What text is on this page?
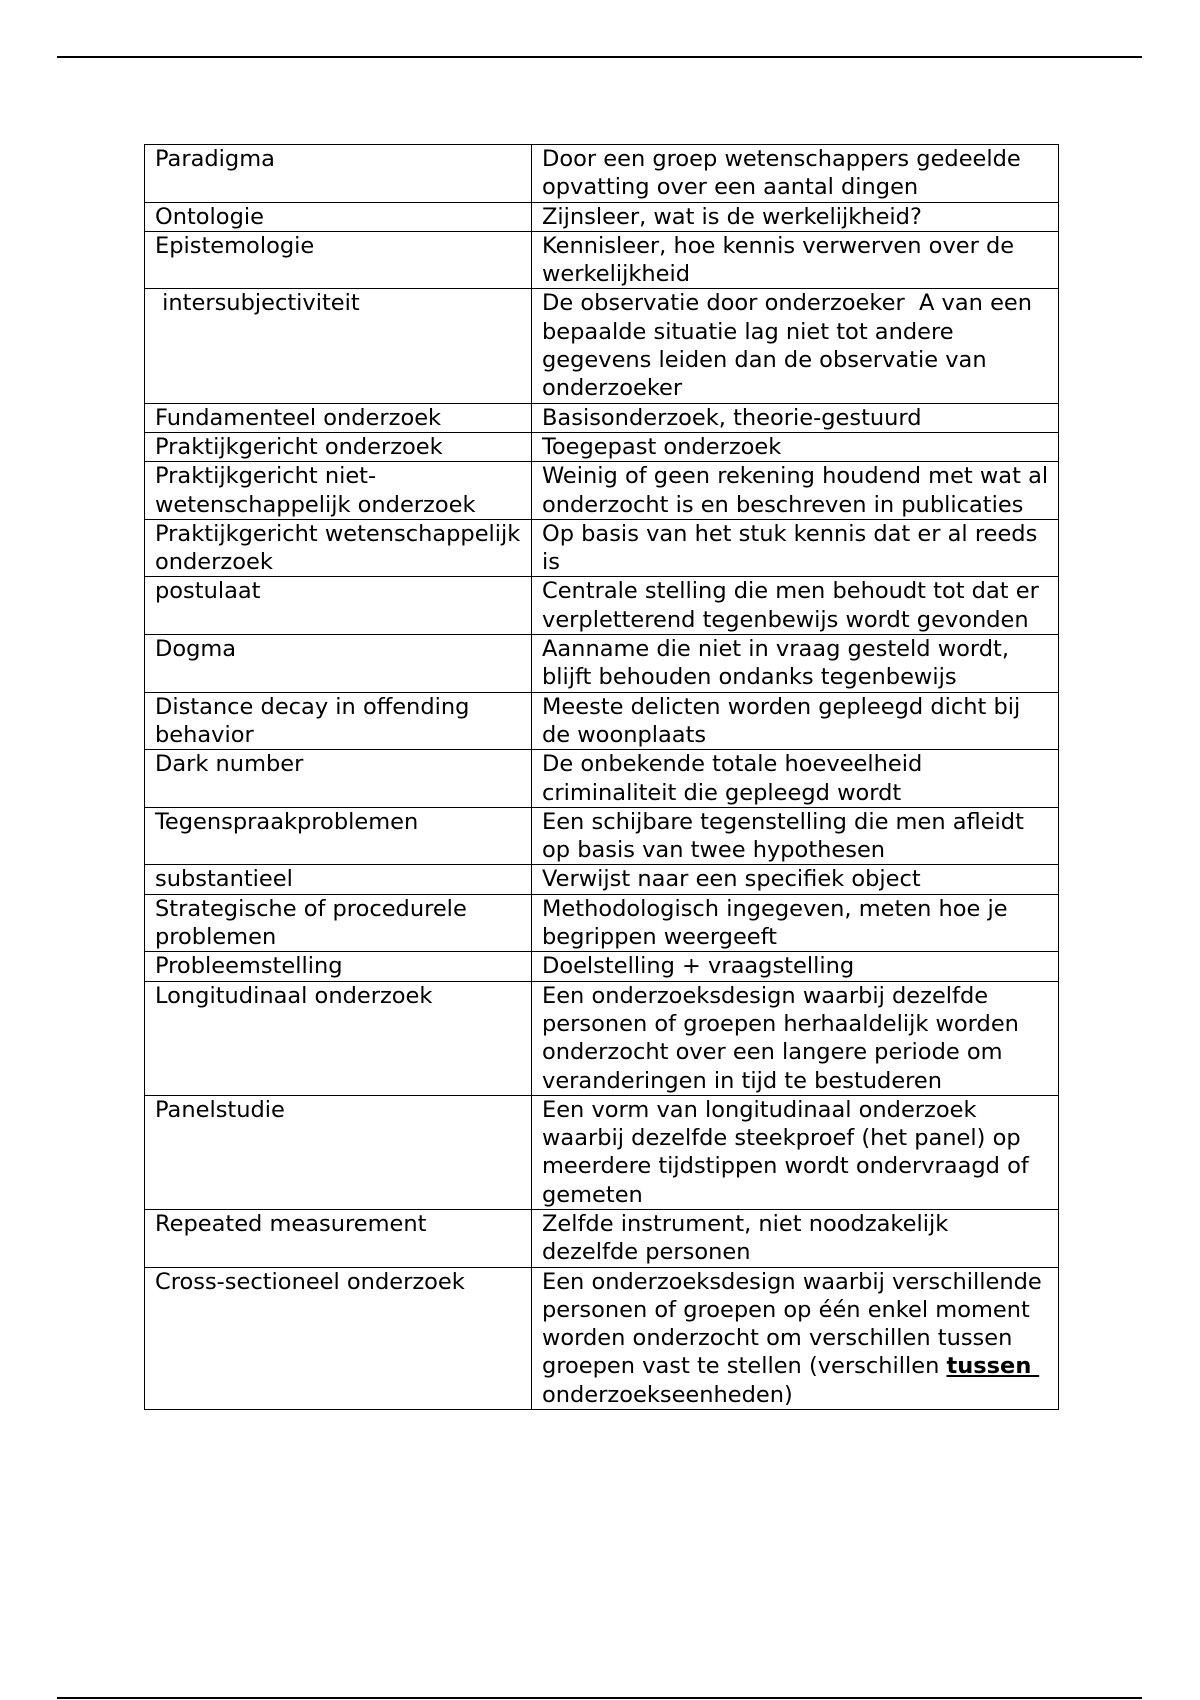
Paradigma	Door een groep wetenschappers gedeelde opvatting over een aantal dingen
Ontologie	Zijnsleer, wat is de werkelijkheid?
Epistemologie	Kennisleer, hoe kennis verwerven over de werkelijkheid
intersubjectiviteit	De observatie door onderzoeker  A van een bepaalde situatie lag niet tot andere gegevens leiden dan de observatie van onderzoeker
Fundamenteel onderzoek	Basisonderzoek, theorie-gestuurd
Praktijkgericht onderzoek	Toegepast onderzoek
Praktijkgericht niet-wetenschappelijk onderzoek	Weinig of geen rekening houdend met wat al onderzocht is en beschreven in publicaties
Praktijkgericht wetenschappelijk onderzoek	Op basis van het stuk kennis dat er al reeds is
postulaat	Centrale stelling die men behoudt tot dat er verpletterend tegenbewijs wordt gevonden
Dogma	Aanname die niet in vraag gesteld wordt, blijft behouden ondanks tegenbewijs
Distance decay in offending behavior	Meeste delicten worden gepleegd dicht bij de woonplaats
Dark number	De onbekende totale hoeveelheid criminaliteit die gepleegd wordt
Tegenspraakproblemen	Een schijbare tegenstelling die men afleidt op basis van twee hypothesen
substantieel	Verwijst naar een specifiek object
Strategische of procedurele problemen	Methodologisch ingegeven, meten hoe je begrippen weergeeft
Probleemstelling	Doelstelling + vraagstelling
Longitudinaal onderzoek	Een onderzoeksdesign waarbij dezelfde personen of groepen herhaaldelijk worden onderzocht over een langere periode om veranderingen in tijd te bestuderen
Panelstudie	Een vorm van longitudinaal onderzoek waarbij dezelfde steekproef (het panel) op meerdere tijdstippen wordt ondervraagd of gemeten
Repeated measurement	Zelfde instrument, niet noodzakelijk dezelfde personen
Cross-sectioneel onderzoek	Een onderzoeksdesign waarbij verschillende personen of groepen op één enkel moment worden onderzocht om verschillen tussen groepen vast te stellen (verschillen tussen onderzoekseenheden)
